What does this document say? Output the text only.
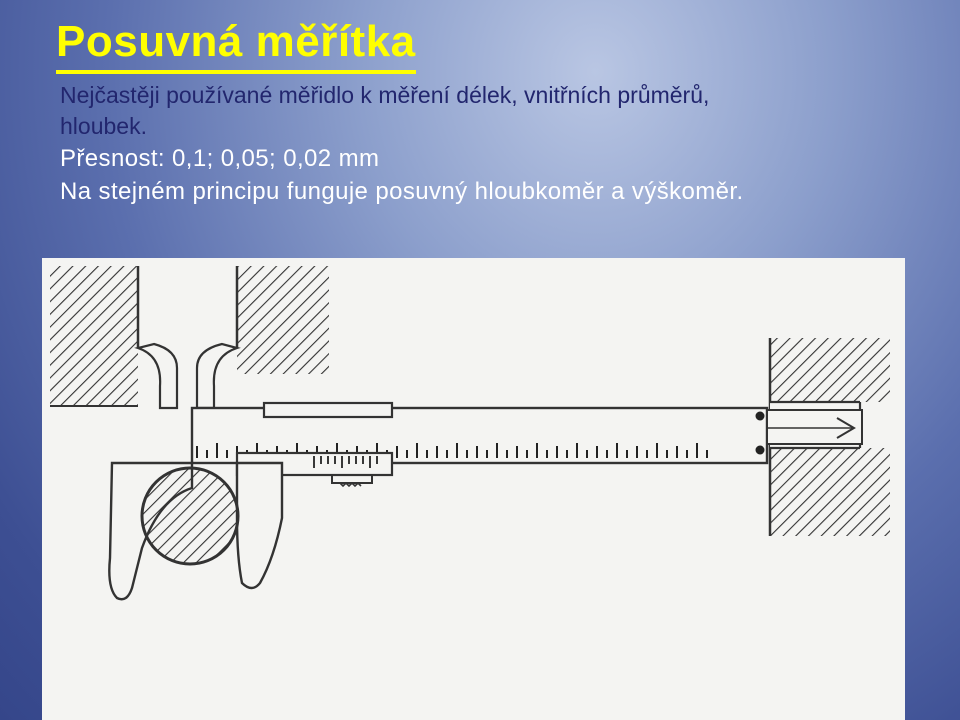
Posuvná měřítka

Nejčastěji používané měřidlo k měření délek, vnitřních průměrů,

hloubek.

Přesnost: 0,1; 0,05; 0,02 mm

Na stejném principu funguje posuvný hloubkoměr a výškoměr.
